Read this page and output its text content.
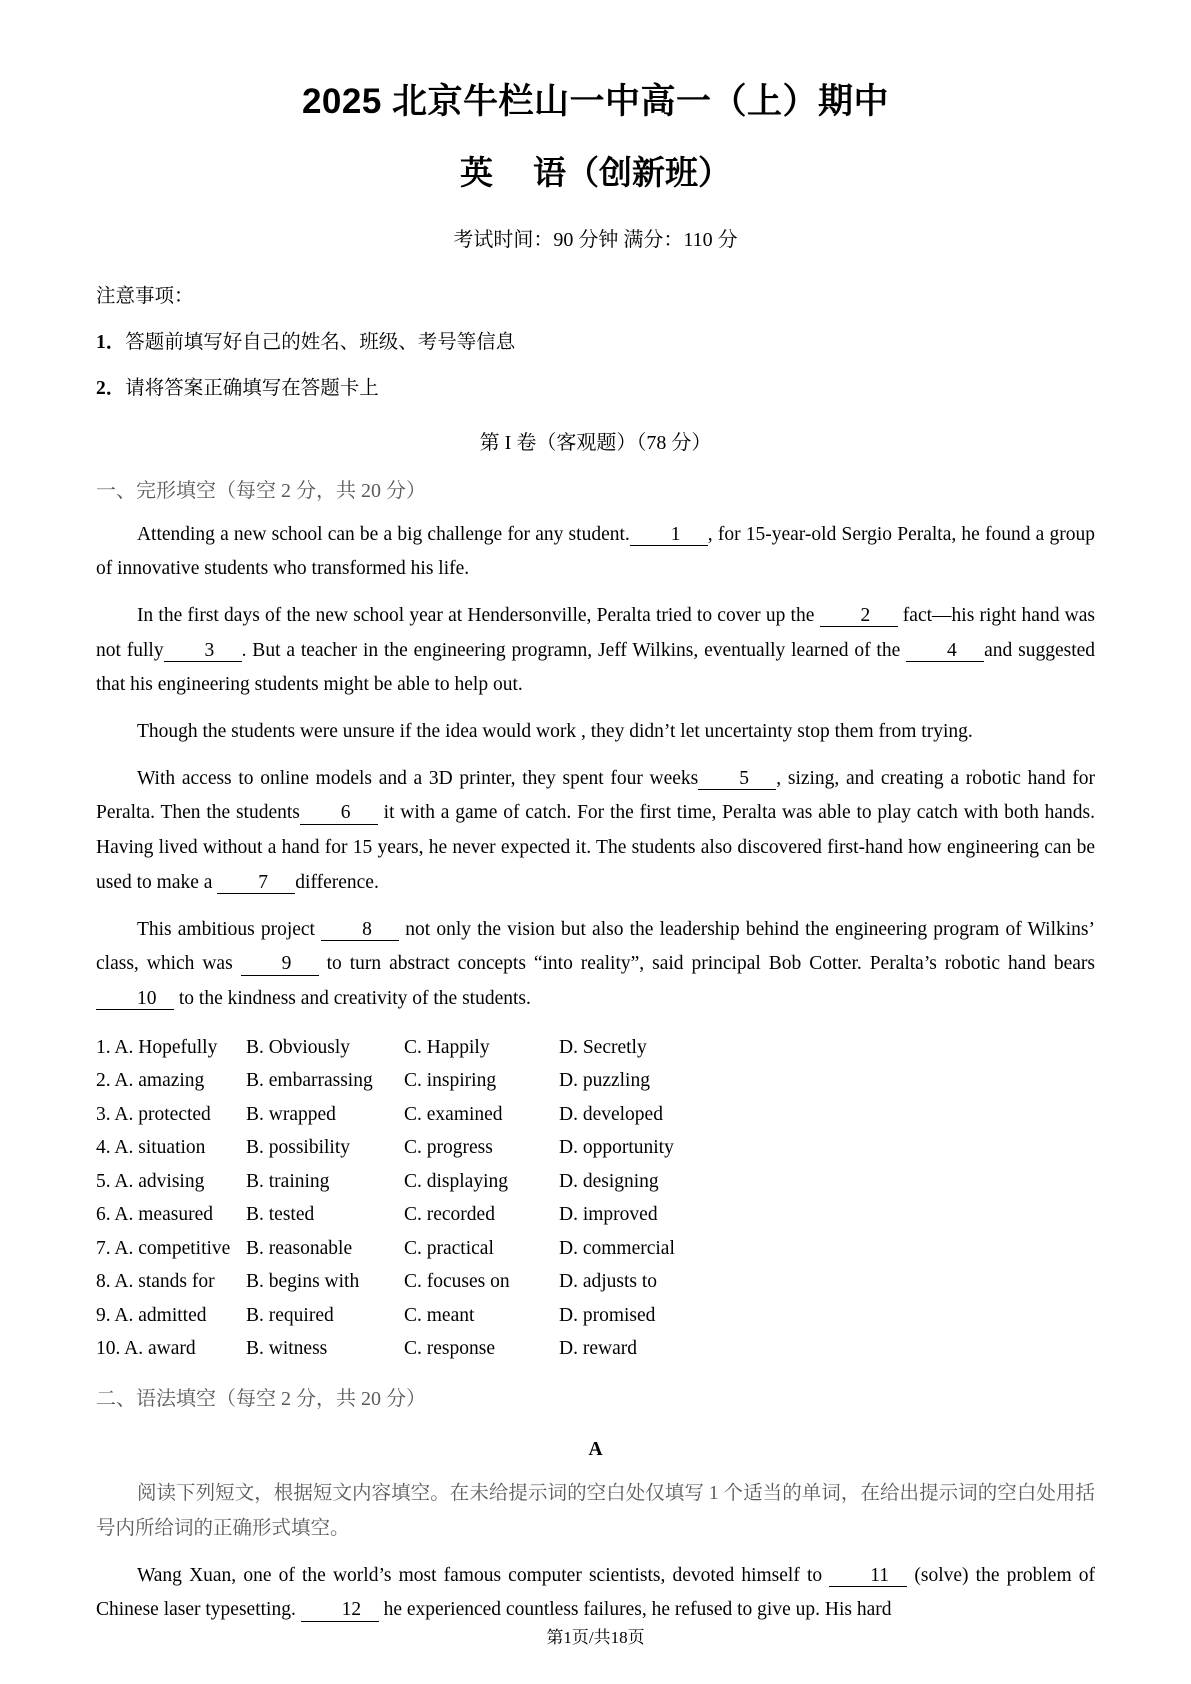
2025 北京牛栏山一中高一（上）期中
英 语（创新班）

考试时间：90 分钟 满分：110 分

注意事项：

1．答题前填写好自己的姓名、班级、考号等信息

2．请将答案正确填写在答题卡上

第 I 卷（客观题）（78 分）

一、完形填空（每空 2 分，共 20 分）

Attending a new school can be a big challenge for any student. 1 , for 15-year-old Sergio Peralta, he found a group of innovative students who transformed his life.

In the first days of the new school year at Hendersonville, Peralta tried to cover up the 2 fact—his right hand was not fully 3 . But a teacher in the engineering programn, Jeff Wilkins, eventually learned of the 4 and suggested that his engineering students might be able to help out.

Though the students were unsure if the idea would work , they didn’t let uncertainty stop them from trying.

With access to online models and a 3D printer, they spent four weeks 5 , sizing, and creating a robotic hand for Peralta. Then the students 6 it with a game of catch. For the first time, Peralta was able to play catch with both hands. Having lived without a hand for 15 years, he never expected it. The students also discovered first-hand how engineering can be used to make a 7 difference.

This ambitious project 8 not only the vision but also the leadership behind the engineering program of Wilkins’ class, which was 9 to turn abstract concepts “into reality”, said principal Bob Cotter. Peralta’s robotic hand bears10 to the kindness and creativity of the students.

1. A. Hopefully	B. Obviously	C. Happily	D. Secretly
2. A. amazing	B. embarrassing	C. inspiring	D. puzzling
3. A. protected	B. wrapped	C. examined	D. developed
4. A. situation	B. possibility	C. progress	D. opportunity
5. A. advising	B. training	C. displaying	D. designing
6. A. measured	B. tested	C. recorded	D. improved
7. A. competitive B. reasonable	C. practical	D. commercial
8. A. stands for	B. begins with	C. focuses on	D. adjusts to
9. A. admitted	B. required	C. meant	D. promised
10. A. award	B. witness	C. response	D. reward

二、语法填空（每空 2 分，共 20 分）

A

阅读下列短文，根据短文内容填空。在未给提示词的空白处仅填写 1 个适当的单词，在给出提示词的空白处用括号内所给词的正确形式填空。

Wang Xuan, one of the world’s most famous computer scientists, devoted himself to 11 (solve) the problem of Chinese laser typesetting. 12 he experienced countless failures, he refused to give up. His hard

第1页/共18页
